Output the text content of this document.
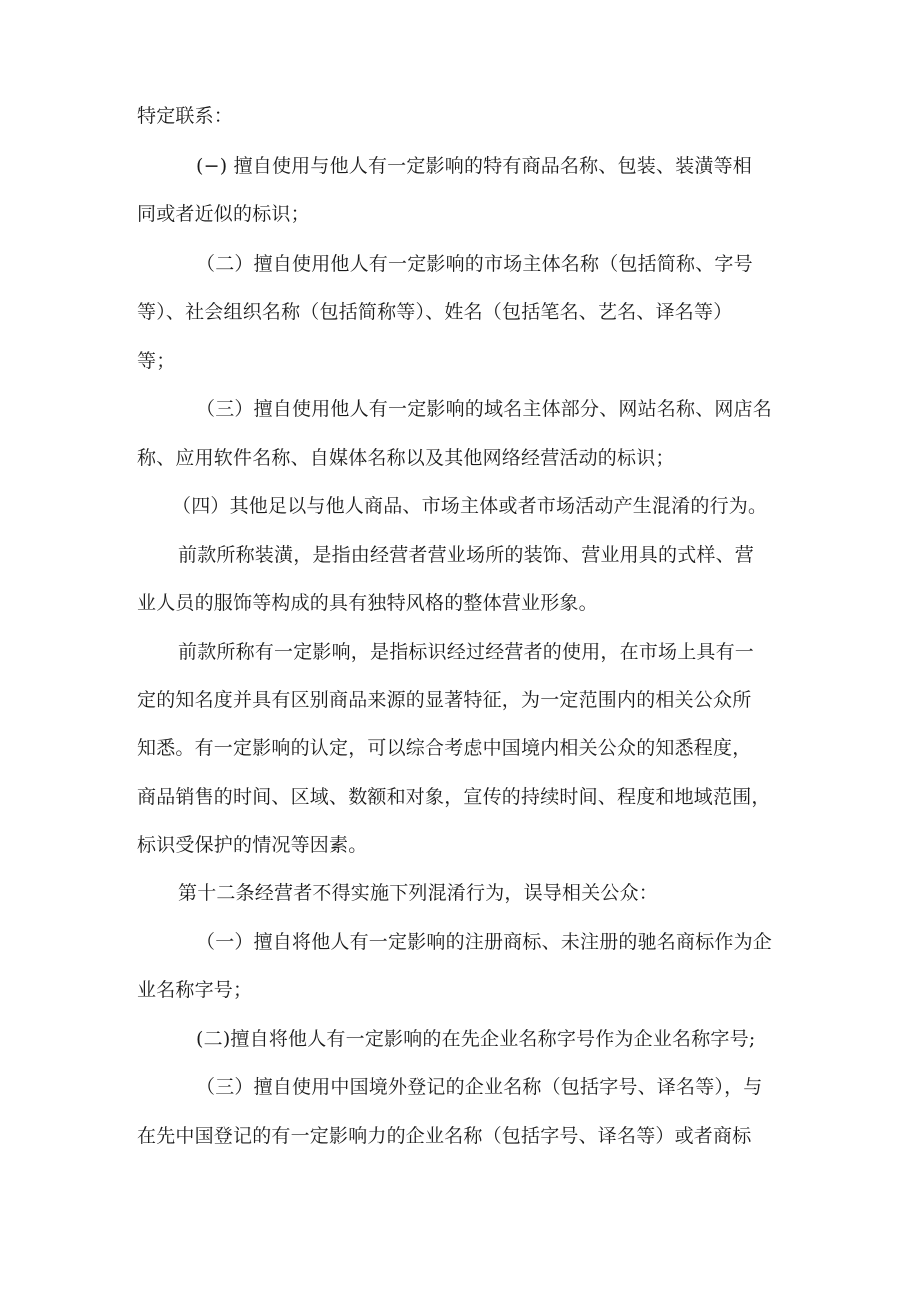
特定联系：
(−) 擅自使用与他人有一定影响的特有商品名称、包装、装潢等相
同或者近似的标识；
（二）擅自使用他人有一定影响的市场主体名称（包括简称、字号
等）、社会组织名称（包括简称等）、姓名（包括笔名、艺名、译名等）
等；
（三）擅自使用他人有一定影响的域名主体部分、网站名称、网店名
称、应用软件名称、自媒体名称以及其他网络经营活动的标识；
（四）其他足以与他人商品、市场主体或者市场活动产生混淆的行为。
前款所称装潢，是指由经营者营业场所的装饰、营业用具的式样、营
业人员的服饰等构成的具有独特风格的整体营业形象。
前款所称有一定影响，是指标识经过经营者的使用，在市场上具有一
定的知名度并具有区别商品来源的显著特征，为一定范围内的相关公众所
知悉。有一定影响的认定，可以综合考虑中国境内相关公众的知悉程度，
商品销售的时间、区域、数额和对象，宣传的持续时间、程度和地域范围，
标识受保护的情况等因素。
第十二条经营者不得实施下列混淆行为，误导相关公众：
（一）擅自将他人有一定影响的注册商标、未注册的驰名商标作为企
业名称字号；
(二)擅自将他人有一定影响的在先企业名称字号作为企业名称字号;
（三）擅自使用中国境外登记的企业名称（包括字号、译名等），与
在先中国登记的有一定影响力的企业名称（包括字号、译名等）或者商标
